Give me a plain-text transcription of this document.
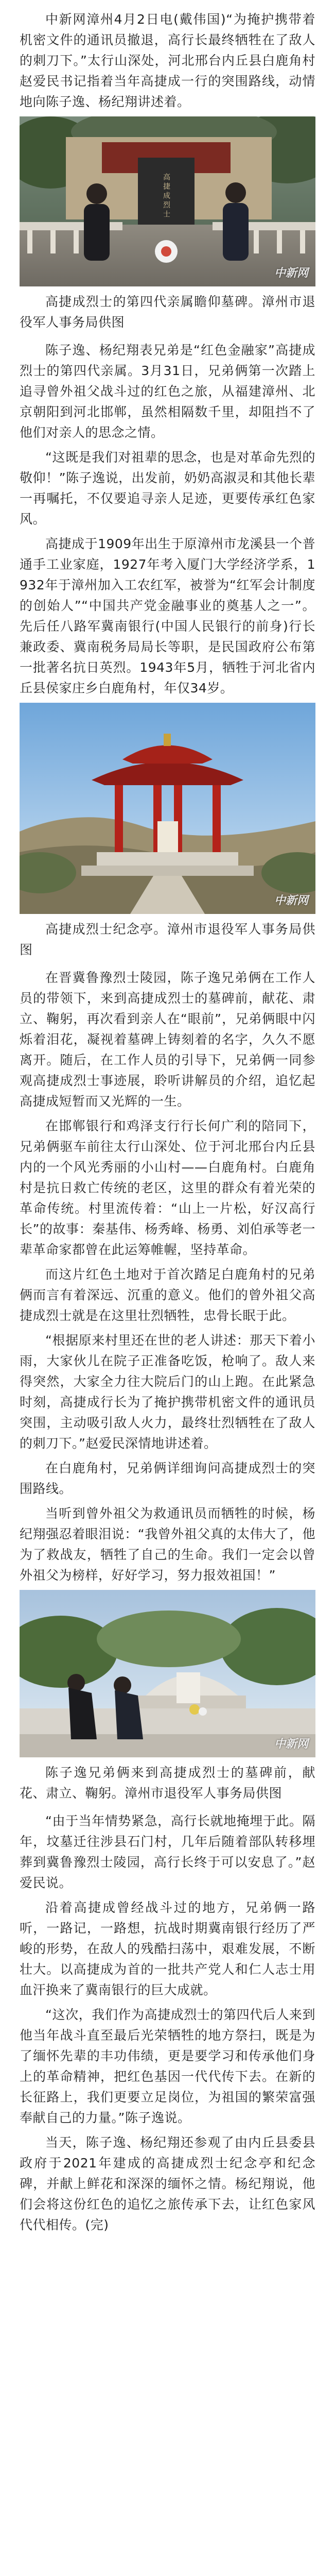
中新网漳州4月2日电(戴伟国)“为掩护携带着机密文件的通讯员撤退，高行长最终牺牲在了敌人的刺刀下。”太行山深处，河北邢台内丘县白鹿角村赵爱民书记指着当年高捷成一行的突围路线，动情地向陈子逸、杨纪翔讲述着。

高捷成烈士
中新网

高捷成烈士的第四代亲属瞻仰墓碑。漳州市退役军人事务局供图

陈子逸、杨纪翔表兄弟是“红色金融家”高捷成烈士的第四代亲属。3月31日，兄弟俩第一次踏上追寻曾外祖父战斗过的红色之旅，从福建漳州、北京朝阳到河北邯郸，虽然相隔数千里，却阻挡不了他们对亲人的思念之情。

“这既是我们对祖辈的思念，也是对革命先烈的敬仰！”陈子逸说，出发前，奶奶高淑灵和其他长辈一再嘱托，不仅要追寻亲人足迹，更要传承红色家风。

高捷成于1909年出生于原漳州市龙溪县一个普通手工业家庭，1927年考入厦门大学经济学系，1932年于漳州加入工农红军，被誉为“红军会计制度的创始人”“中国共产党金融事业的奠基人之一”。先后任八路军冀南银行(中国人民银行的前身)行长兼政委、冀南税务局局长等职，是民国政府公布第一批著名抗日英烈。1943年5月，牺牲于河北省内丘县侯家庄乡白鹿角村，年仅34岁。

中新网

高捷成烈士纪念亭。漳州市退役军人事务局供图

在晋冀鲁豫烈士陵园，陈子逸兄弟俩在工作人员的带领下，来到高捷成烈士的墓碑前，献花、肃立、鞠躬，再次看到亲人在“眼前”，兄弟俩眼中闪烁着泪花，凝视着墓碑上铸刻着的名字，久久不愿离开。随后，在工作人员的引导下，兄弟俩一同参观高捷成烈士事迹展，聆听讲解员的介绍，追忆起高捷成短暂而又光辉的一生。

在邯郸银行和鸡泽支行行长何广利的陪同下，兄弟俩驱车前往太行山深处、位于河北邢台内丘县内的一个风光秀丽的小山村——白鹿角村。白鹿角村是抗日救亡传统的老区，这里的群众有着光荣的革命传统。村里流传着：“山上一片松，好汉高行长”的故事：秦基伟、杨秀峰、杨勇、刘伯承等老一辈革命家都曾在此运筹帷幄，坚持革命。

而这片红色土地对于首次踏足白鹿角村的兄弟俩而言有着深远、沉重的意义。他们的曾外祖父高捷成烈士就是在这里壮烈牺牲，忠骨长眠于此。

“根据原来村里还在世的老人讲述：那天下着小雨，大家伙儿在院子正准备吃饭，枪响了。敌人来得突然，大家全力往大院后门的山上跑。在此紧急时刻，高捷成行长为了掩护携带机密文件的通讯员突围，主动吸引敌人火力，最终壮烈牺牲在了敌人的刺刀下。”赵爱民深情地讲述着。

在白鹿角村，兄弟俩详细询问高捷成烈士的突围路线。

当听到曾外祖父为救通讯员而牺牲的时候，杨纪翔强忍着眼泪说：“我曾外祖父真的太伟大了，他为了救战友，牺牲了自己的生命。我们一定会以曾外祖父为榜样，好好学习，努力报效祖国！”

中新网

陈子逸兄弟俩来到高捷成烈士的墓碑前，献花、肃立、鞠躬。漳州市退役军人事务局供图

“由于当年情势紧急，高行长就地掩埋于此。隔年，坟墓迁往涉县石门村，几年后随着部队转移埋葬到冀鲁豫烈士陵园，高行长终于可以安息了。”赵爱民说。

沿着高捷成曾经战斗过的地方，兄弟俩一路听，一路记，一路想，抗战时期冀南银行经历了严峻的形势，在敌人的残酷扫荡中，艰难发展，不断壮大。以高捷成为首的一批共产党人和仁人志士用血汗换来了冀南银行的巨大成就。

“这次，我们作为高捷成烈士的第四代后人来到他当年战斗直至最后光荣牺牲的地方祭扫，既是为了缅怀先辈的丰功伟绩，更是要学习和传承他们身上的革命精神，把红色基因一代代传下去。在新的长征路上，我们更要立足岗位，为祖国的繁荣富强奉献自己的力量。”陈子逸说。

当天，陈子逸、杨纪翔还参观了由内丘县委县政府于2021年建成的高捷成烈士纪念亭和纪念碑，并献上鲜花和深深的缅怀之情。杨纪翔说，他们会将这份红色的追忆之旅传承下去，让红色家风代代相传。(完)
